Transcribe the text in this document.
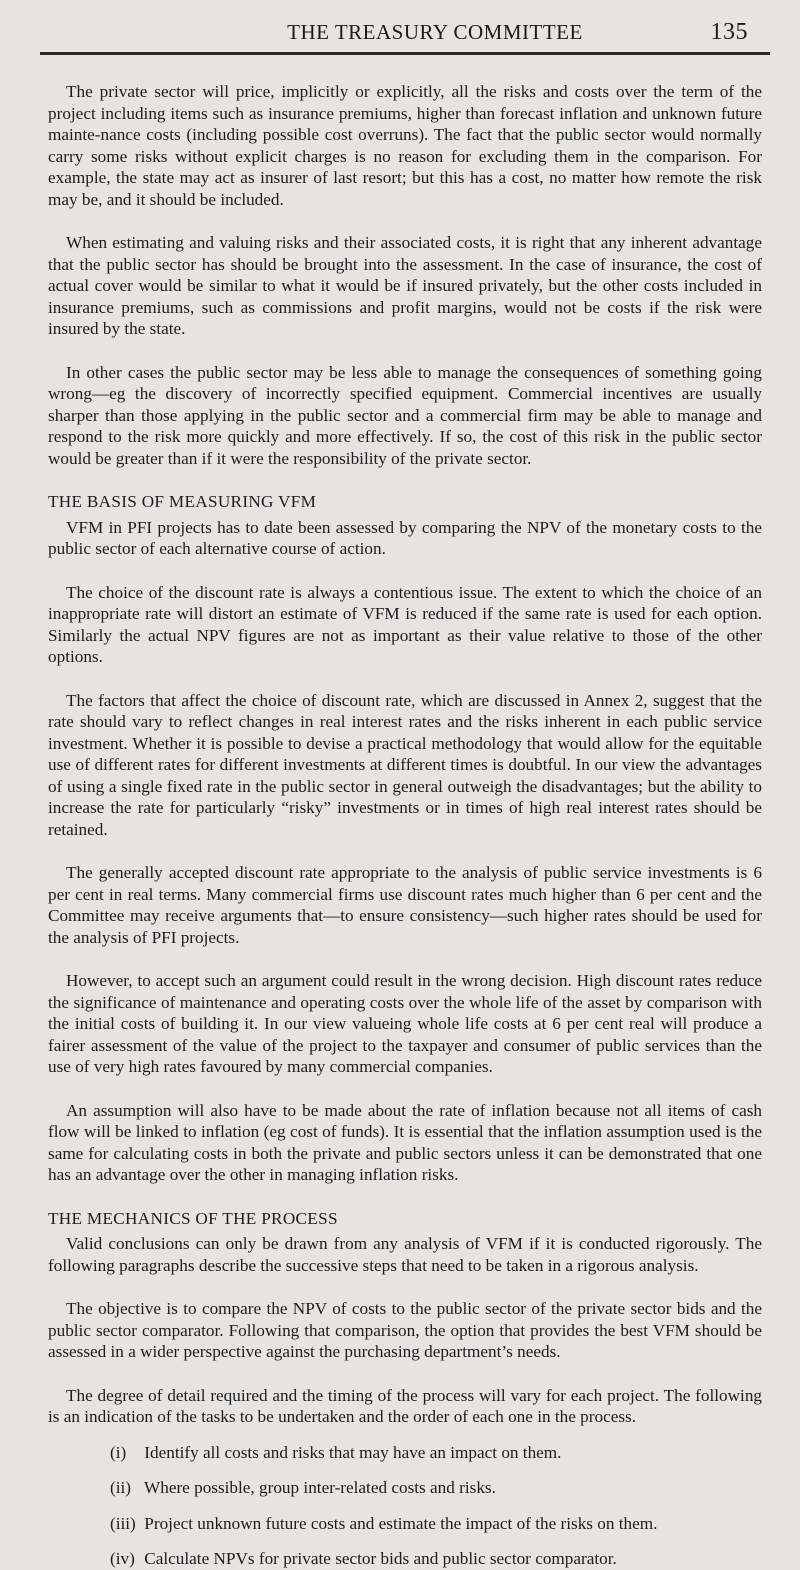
THE TREASURY COMMITTEE	135

The private sector will price, implicitly or explicitly, all the risks and costs over the term of the project including items such as insurance premiums, higher than forecast inflation and unknown future mainte-nance costs (including possible cost overruns). The fact that the public sector would normally carry some risks without explicit charges is no reason for excluding them in the comparison. For example, the state may act as insurer of last resort; but this has a cost, no matter how remote the risk may be, and it should be included.

When estimating and valuing risks and their associated costs, it is right that any inherent advantage that the public sector has should be brought into the assessment. In the case of insurance, the cost of actual cover would be similar to what it would be if insured privately, but the other costs included in insurance premiums, such as commissions and profit margins, would not be costs if the risk were insured by the state.

In other cases the public sector may be less able to manage the consequences of something going wrong—eg the discovery of incorrectly specified equipment. Commercial incentives are usually sharper than those applying in the public sector and a commercial firm may be able to manage and respond to the risk more quickly and more effectively. If so, the cost of this risk in the public sector would be greater than if it were the responsibility of the private sector.

THE BASIS OF MEASURING VFM

VFM in PFI projects has to date been assessed by comparing the NPV of the monetary costs to the public sector of each alternative course of action.

The choice of the discount rate is always a contentious issue. The extent to which the choice of an inappropriate rate will distort an estimate of VFM is reduced if the same rate is used for each option. Similarly the actual NPV figures are not as important as their value relative to those of the other options.

The factors that affect the choice of discount rate, which are discussed in Annex 2, suggest that the rate should vary to reflect changes in real interest rates and the risks inherent in each public service investment. Whether it is possible to devise a practical methodology that would allow for the equitable use of different rates for different investments at different times is doubtful. In our view the advantages of using a single fixed rate in the public sector in general outweigh the disadvantages; but the ability to increase the rate for particularly “risky” investments or in times of high real interest rates should be retained.

The generally accepted discount rate appropriate to the analysis of public service investments is 6 per cent in real terms. Many commercial firms use discount rates much higher than 6 per cent and the Committee may receive arguments that—to ensure consistency—such higher rates should be used for the analysis of PFI projects.

However, to accept such an argument could result in the wrong decision. High discount rates reduce the significance of maintenance and operating costs over the whole life of the asset by comparison with the initial costs of building it. In our view valueing whole life costs at 6 per cent real will produce a fairer assessment of the value of the project to the taxpayer and consumer of public services than the use of very high rates favoured by many commercial companies.

An assumption will also have to be made about the rate of inflation because not all items of cash flow will be linked to inflation (eg cost of funds). It is essential that the inflation assumption used is the same for calculating costs in both the private and public sectors unless it can be demonstrated that one has an advantage over the other in managing inflation risks.

THE MECHANICS OF THE PROCESS

Valid conclusions can only be drawn from any analysis of VFM if it is conducted rigorously. The following paragraphs describe the successive steps that need to be taken in a rigorous analysis.

The objective is to compare the NPV of costs to the public sector of the private sector bids and the public sector comparator. Following that comparison, the option that provides the best VFM should be assessed in a wider perspective against the purchasing department’s needs.

The degree of detail required and the timing of the process will vary for each project. The following is an indication of the tasks to be undertaken and the order of each one in the process.

(i) Identify all costs and risks that may have an impact on them.
(ii) Where possible, group inter-related costs and risks.
(iii) Project unknown future costs and estimate the impact of the risks on them.
(iv) Calculate NPVs for private sector bids and public sector comparator.
